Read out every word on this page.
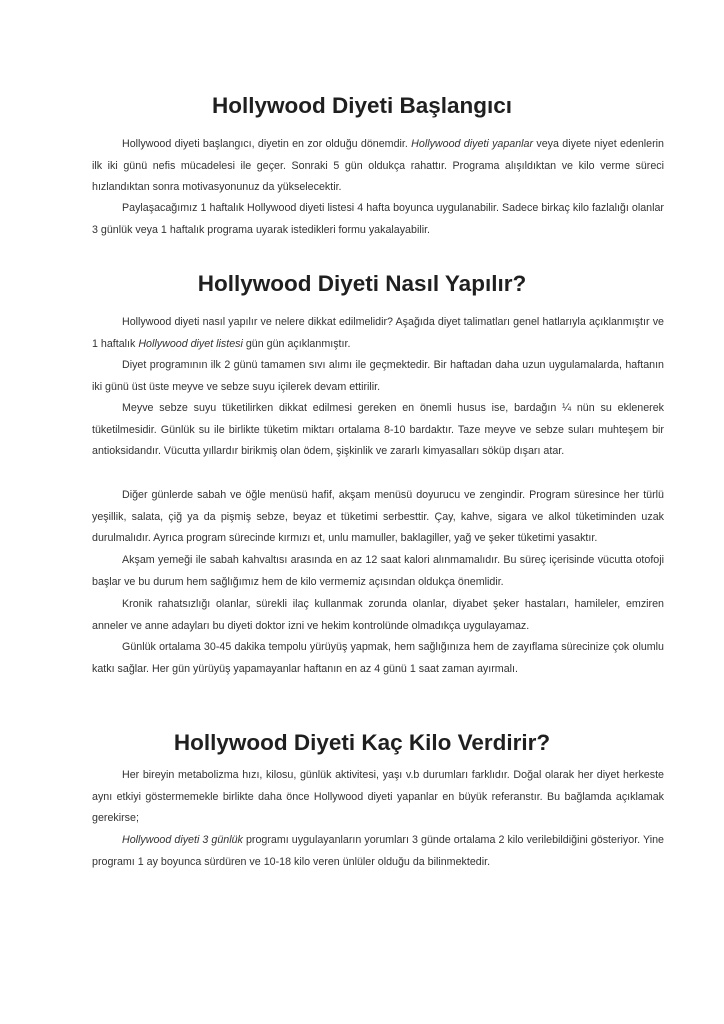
Hollywood Diyeti Başlangıcı

Hollywood diyeti başlangıcı, diyetin en zor olduğu dönemdir. Hollywood diyeti yapanlar veya diyete niyet edenlerin ilk iki günü nefis mücadelesi ile geçer. Sonraki 5 gün oldukça rahattır. Programa alışıldıktan ve kilo verme süreci hızlandıktan sonra motivasyonunuz da yükselecektir.

Paylaşacağımız 1 haftalık Hollywood diyeti listesi 4 hafta boyunca uygulanabilir. Sadece birkaç kilo fazlalığı olanlar 3 günlük veya 1 haftalık programa uyarak istedikleri formu yakalayabilir.

Hollywood Diyeti Nasıl Yapılır?

Hollywood diyeti nasıl yapılır ve nelere dikkat edilmelidir? Aşağıda diyet talimatları genel hatlarıyla açıklanmıştır ve 1 haftalık Hollywood diyet listesi gün gün açıklanmıştır.

Diyet programının ilk 2 günü tamamen sıvı alımı ile geçmektedir. Bir haftadan daha uzun uygulamalarda, haftanın iki günü üst üste meyve ve sebze suyu içilerek devam ettirilir.

Meyve sebze suyu tüketilirken dikkat edilmesi gereken en önemli husus ise, bardağın ¼ nün su eklenerek tüketilmesidir. Günlük su ile birlikte tüketim miktarı ortalama 8-10 bardaktır. Taze meyve ve sebze suları muhteşem bir antioksidandır. Vücutta yıllardır birikmiş olan ödem, şişkinlik ve zararlı kimyasalları söküp dışarı atar.

Diğer günlerde sabah ve öğle menüsü hafif, akşam menüsü doyurucu ve zengindir. Program süresince her türlü yeşillik, salata, çiğ ya da pişmiş sebze, beyaz et tüketimi serbesttir. Çay, kahve, sigara ve alkol tüketiminden uzak durulmalıdır. Ayrıca program sürecinde kırmızı et, unlu mamuller, baklagiller, yağ ve şeker tüketimi yasaktır.

Akşam yemeği ile sabah kahvaltısı arasında en az 12 saat kalori alınmamalıdır. Bu süreç içerisinde vücutta otofoji başlar ve bu durum hem sağlığımız hem de kilo vermemiz açısından oldukça önemlidir.

Kronik rahatsızlığı olanlar, sürekli ilaç kullanmak zorunda olanlar, diyabet şeker hastaları, hamileler, emziren anneler ve anne adayları bu diyeti doktor izni ve hekim kontrolünde olmadıkça uygulayamaz.

Günlük ortalama 30-45 dakika tempolu yürüyüş yapmak, hem sağlığınıza hem de zayıflama sürecinize çok olumlu katkı sağlar. Her gün yürüyüş yapamayanlar haftanın en az 4 günü 1 saat zaman ayırmalı.

Hollywood Diyeti Kaç Kilo Verdirir?

Her bireyin metabolizma hızı, kilosu, günlük aktivitesi, yaşı v.b durumları farklıdır. Doğal olarak her diyet herkeste aynı etkiyi göstermemekle birlikte daha önce Hollywood diyeti yapanlar en büyük referanstır. Bu bağlamda açıklamak gerekirse;

Hollywood diyeti 3 günlük programı uygulayanların yorumları 3 günde ortalama 2 kilo verilebildiğini gösteriyor. Yine programı 1 ay boyunca sürdüren ve 10-18 kilo veren ünlüler olduğu da bilinmektedir.
